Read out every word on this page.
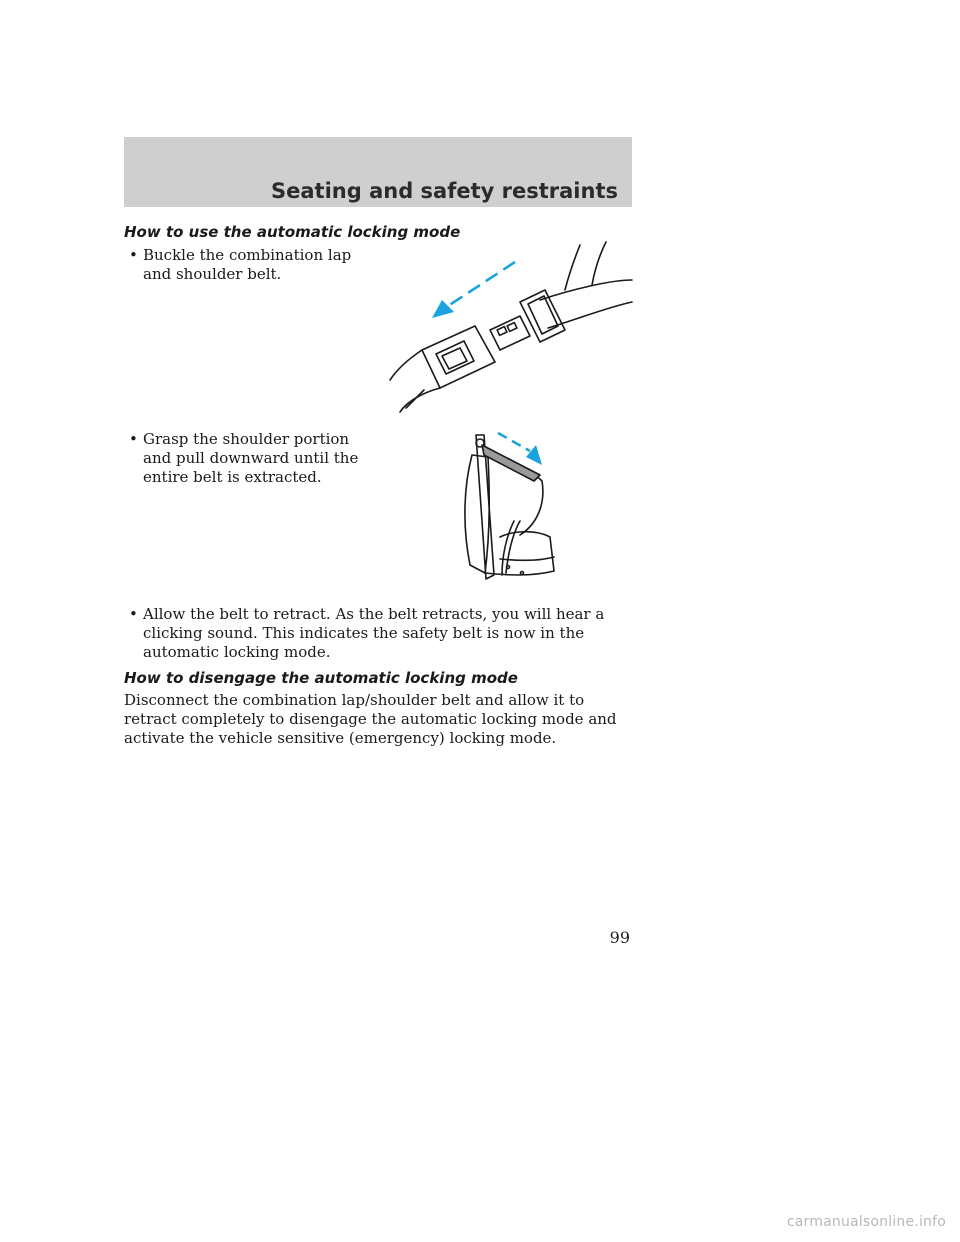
Seating and safety restraints
How to use the automatic locking mode
• Buckle the combination lap and shoulder belt.
• Grasp the shoulder portion and pull downward until the entire belt is extracted.
• Allow the belt to retract. As the belt retracts, you will hear a clicking sound. This indicates the safety belt is now in the automatic locking mode.
How to disengage the automatic locking mode
Disconnect the combination lap/shoulder belt and allow it to retract completely to disengage the automatic locking mode and activate the vehicle sensitive (emergency) locking mode.
99
carmanualsonline.info
